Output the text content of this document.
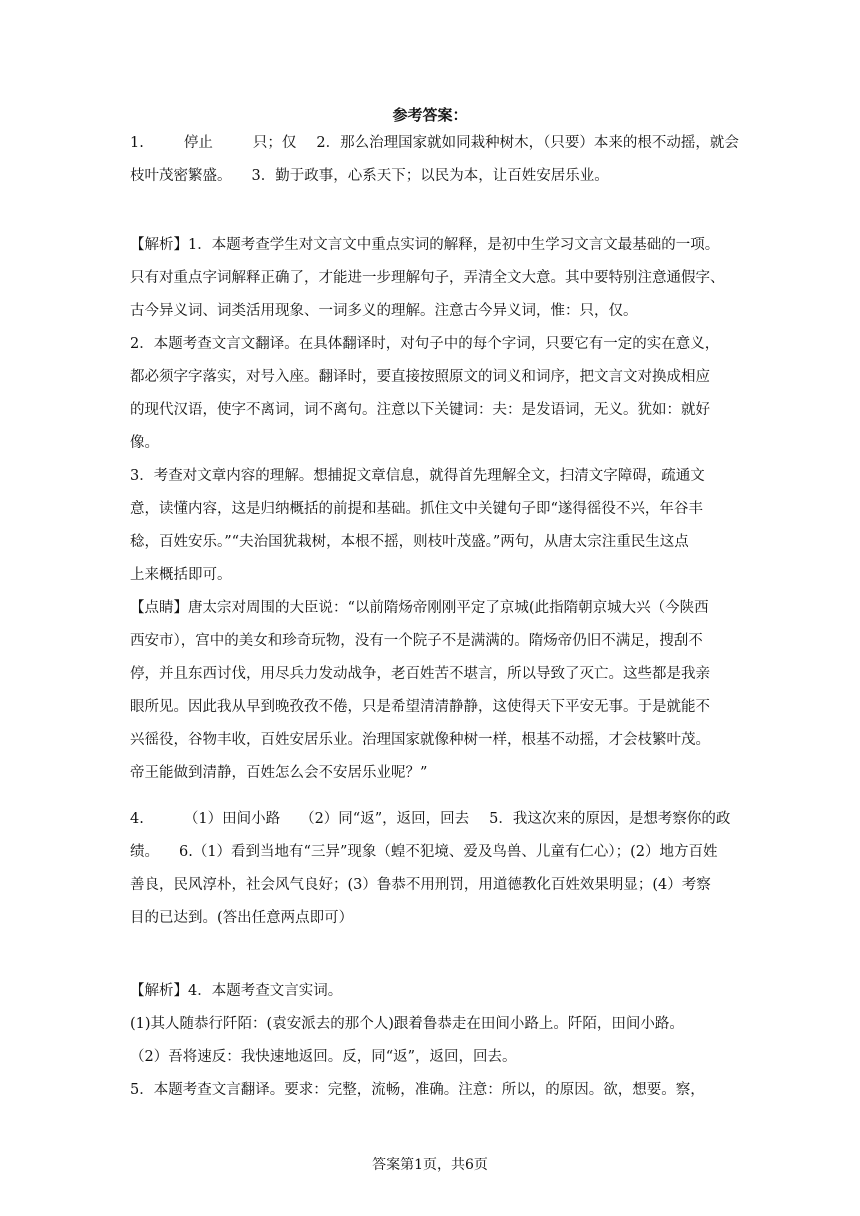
参考答案：
1.	停止	只；仅 2．那么治理国家就如同栽种树木，（只要）本来的根不动摇，就会
枝叶茂密繁盛。 3．勤于政事，心系天下；以民为本，让百姓安居乐业。
【解析】1．本题考查学生对文言文中重点实词的解释，是初中生学习文言文最基础的一项。
只有对重点字词解释正确了，才能进一步理解句子，弄清全文大意。其中要特别注意通假字、
古今异义词、词类活用现象、一词多义的理解。注意古今异义词，惟：只，仅。
2．本题考查文言文翻译。在具体翻译时，对句子中的每个字词，只要它有一定的实在意义，
都必须字字落实，对号入座。翻译时，要直接按照原文的词义和词序，把文言文对换成相应
的现代汉语，使字不离词，词不离句。注意以下关键词：夫：是发语词，无义。犹如：就好
像。
3．考查对文章内容的理解。想捕捉文章信息，就得首先理解全文，扫清文字障碍，疏通文
意，读懂内容，这是归纳概括的前提和基础。抓住文中关键句子即“遂得徭役不兴，年谷丰
稔，百姓安乐。”“夫治国犹栽树，本根不摇，则枝叶茂盛。”两句，从唐太宗注重民生这点
上来概括即可。
【点睛】唐太宗对周围的大臣说：“以前隋炀帝刚刚平定了京城(此指隋朝京城大兴（今陕西
西安市），宫中的美女和珍奇玩物，没有一个院子不是满满的。隋炀帝仍旧不满足，搜刮不
停，并且东西讨伐，用尽兵力发动战争，老百姓苦不堪言，所以导致了灭亡。这些都是我亲
眼所见。因此我从早到晚孜孜不倦，只是希望清清静静，这使得天下平安无事。于是就能不
兴徭役，谷物丰收，百姓安居乐业。治理国家就像种树一样，根基不动摇，才会枝繁叶茂。
帝王能做到清静，百姓怎么会不安居乐业呢？”
4.	（1）田间小路 （2）同“返”，返回，回去 5．我这次来的原因，是想考察你的政
绩。 6.（1）看到当地有“三异”现象（蝗不犯境、爱及鸟兽、儿童有仁心）；(2）地方百姓
善良，民风淳朴，社会风气良好；(3）鲁恭不用刑罚，用道德教化百姓效果明显；(4）考察
目的已达到。(答出任意两点即可）
【解析】4．本题考查文言实词。
(1)其人随恭行阡陌：(袁安派去的那个人)跟着鲁恭走在田间小路上。阡陌，田间小路。
（2）吾将速反：我快速地返回。反，同“返”，返回，回去。
5．本题考查文言翻译。要求：完整，流畅，准确。注意：所以，的原因。欲，想要。察，
答案第1页，共6页
